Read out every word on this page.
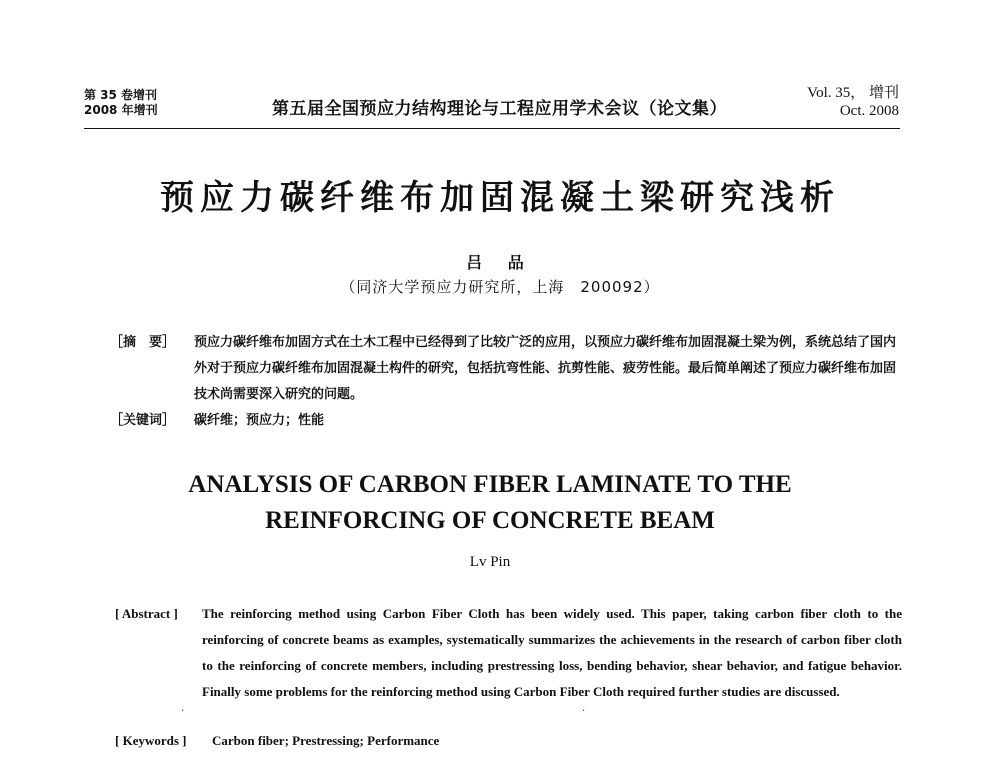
第 35 卷增刊
2008 年增刊	第五届全国预应力结构理论与工程应用学术会议（论文集）
Vol. 35， 增刊
Oct. 2008
预应力碳纤维布加固混凝土梁研究浅析
吕 品
（同济大学预应力研究所，上海　200092）
［摘　要］ 预应力碳纤维布加固方式在土木工程中已经得到了比较广泛的应用，以预应力碳纤维布加固混凝土梁为例，系统总结了国内外对于预应力碳纤维布加固混凝土构件的研究，包括抗弯性能、抗剪性能、疲劳性能。最后简单阐述了预应力碳纤维布加固技术尚需要深入研究的问题。
［关键词］ 碳纤维；预应力；性能
ANALYSIS OF CARBON FIBER LAMINATE TO THE
REINFORCING OF CONCRETE BEAM
Lv Pin
[ Abstract ] The reinforcing method using Carbon Fiber Cloth has been widely used. This paper, taking carbon fiber cloth to the reinforcing of concrete beams as examples, systematically summarizes the achievements in the research of carbon fiber cloth to the reinforcing of concrete members, including prestressing loss, bending behavior, shear behavior, and fatigue behavior. Finally some problems for the reinforcing method using Carbon Fiber Cloth required further studies are discussed.
[ Keywords ] Carbon fiber; Prestressing; Performance
·	·
